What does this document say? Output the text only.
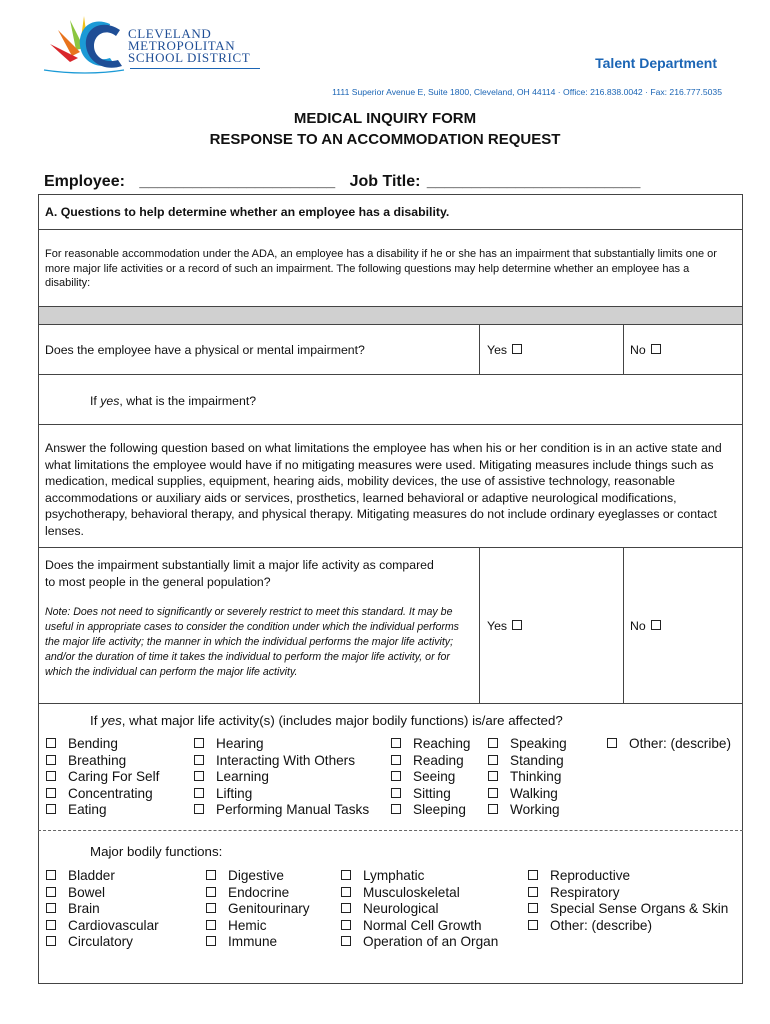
CLEVELAND
METROPOLITAN
SCHOOL DISTRICT	Talent Department
1111 Superior Avenue E, Suite 1800, Cleveland, OH 44114 · Office: 216.838.0042 · Fax: 216.777.5035
MEDICAL INQUIRY FORM
RESPONSE TO AN ACCOMMODATION REQUEST
Employee: ______________________ Job Title: ________________________
A. Questions to help determine whether an employee has a disability.
For reasonable accommodation under the ADA, an employee has a disability if he or she has an impairment that substantially limits one or more major life activities or a record of such an impairment. The following questions may help determine whether an employee has a disability:
Does the employee have a physical or mental impairment?	Yes	No
If yes, what is the impairment?
Answer the following question based on what limitations the employee has when his or her condition is in an active state and what limitations the employee would have if no mitigating measures were used. Mitigating measures include things such as medication, medical supplies, equipment, hearing aids, mobility devices, the use of assistive technology, reasonable accommodations or auxiliary aids or services, prosthetics, learned behavioral or adaptive neurological modifications, psychotherapy, behavioral therapy, and physical therapy. Mitigating measures do not include ordinary eyeglasses or contact lenses.
Does the impairment substantially limit a major life activity as compared to most people in the general population?
Note: Does not need to significantly or severely restrict to meet this standard. It may be useful in appropriate cases to consider the condition under which the individual performs the major life activity; the manner in which the individual performs the major life activity; and/or the duration of time it takes the individual to perform the major life activity, or for which the individual can perform the major life activity.
Yes	No
If yes, what major life activity(s) (includes major bodily functions) is/are affected?
Bending
Breathing
Caring For Self
Concentrating
Eating
Hearing
Interacting With Others
Learning
Lifting
Performing Manual Tasks
Reaching
Reading
Seeing
Sitting
Sleeping
Speaking
Standing
Thinking
Walking
Working
Other: (describe)
Major bodily functions:
Bladder
Bowel
Brain
Cardiovascular
Circulatory
Digestive
Endocrine
Genitourinary
Hemic
Immune
Lymphatic
Musculoskeletal
Neurological
Normal Cell Growth
Operation of an Organ
Reproductive
Respiratory
Special Sense Organs & Skin
Other: (describe)
